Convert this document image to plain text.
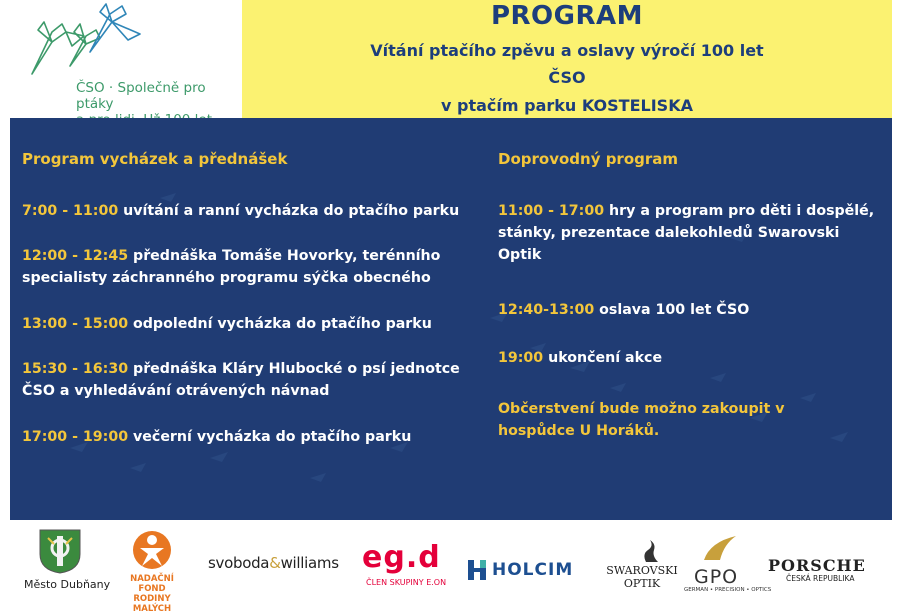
ČSO · Společně pro ptáky
PROGRAM
Vítání ptačího zpěvu a oslavy výročí 100 let
ČSO
v ptačím parku KOSTELISKA
Program vycházek a přednášek
7:00 - 11:00 uvítání a ranní vycházka do ptačího parku
12:00 - 12:45 přednáška Tomáše Hovorky, terénního
specialisty záchranného programu sýčka obecného
13:00 - 15:00 odpolední vycházka do ptačího parku
15:30 - 16:30 přednáška Kláry Hlubocké o psí jednotce
ČSO a vyhledávání otrávených návnad
17:00 - 19:00 večerní vycházka do ptačího parku
Doprovodný program
11:00 - 17:00 hry a program pro děti i dospělé,
stánky, prezentace dalekohledů Swarovski
Optik
12:40-13:00 oslava 100 let ČSO
19:00 ukončení akce
Občerstvení bude možno zakoupit v
hospůdce U Horáků.
Město Dubňany	NADAČNÍ FOND
RODINY MALÝCH
svoboda&williams eg.d
ČLEN SKUPINY E.ON
HOLCIM	SWAROVSKI
OPTIK	GPO
GERMAN • PRECISION • OPTICS
PORSCHE
ČESKÁ REPUBLIKA
